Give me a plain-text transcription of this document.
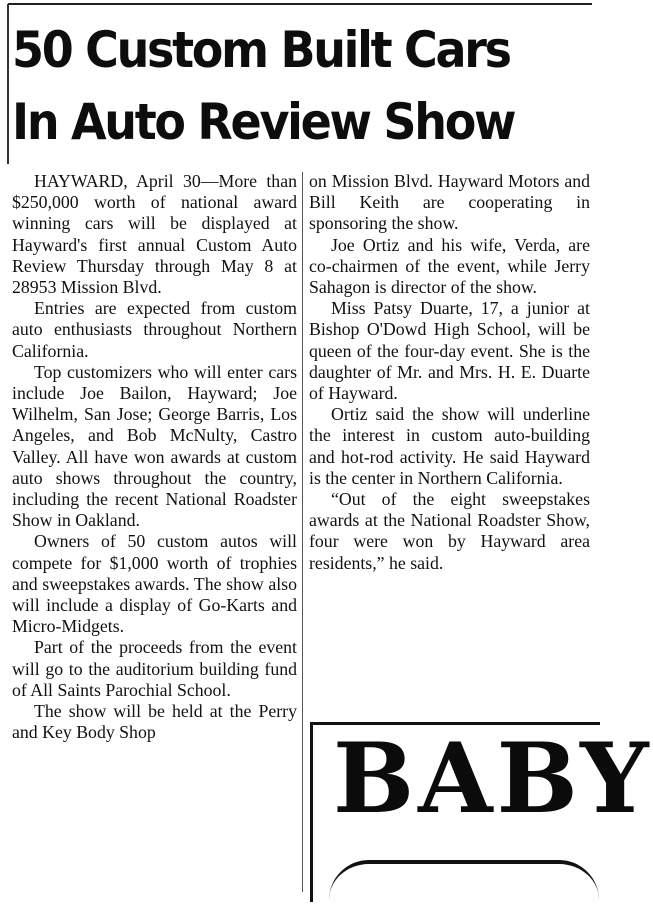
50 Custom Built Cars
In Auto Review Show

HAYWARD, April 30—More than $250,000 worth of national award winning cars will be displayed at Hayward's first annual Custom Auto Review Thursday through May 8 at 28953 Mission Blvd.

Entries are expected from custom auto enthusiasts throughout Northern California.

Top customizers who will enter cars include Joe Bailon, Hayward; Joe Wilhelm, San Jose; George Barris, Los Angeles, and Bob McNulty, Castro Valley. All have won awards at custom auto shows throughout the country, including the recent National Roadster Show in Oakland.

Owners of 50 custom autos will compete for $1,000 worth of trophies and sweepstakes awards. The show also will include a display of Go-Karts and Micro-Midgets.

Part of the proceeds from the event will go to the auditorium building fund of All Saints Parochial School.

The show will be held at the Perry and Key Body Shop

on Mission Blvd. Hayward Motors and Bill Keith are cooperating in sponsoring the show.

Joe Ortiz and his wife, Verda, are co-chairmen of the event, while Jerry Sahagon is director of the show.

Miss Patsy Duarte, 17, a junior at Bishop O'Dowd High School, will be queen of the four-day event. She is the daughter of Mr. and Mrs. H. E. Duarte of Hayward.

Ortiz said the show will underline the interest in custom auto-building and hot-rod activity. He said Hayward is the center in Northern California.

“Out of the eight sweepstakes awards at the National Roadster Show, four were won by Hayward area residents,” he said.

BABY
